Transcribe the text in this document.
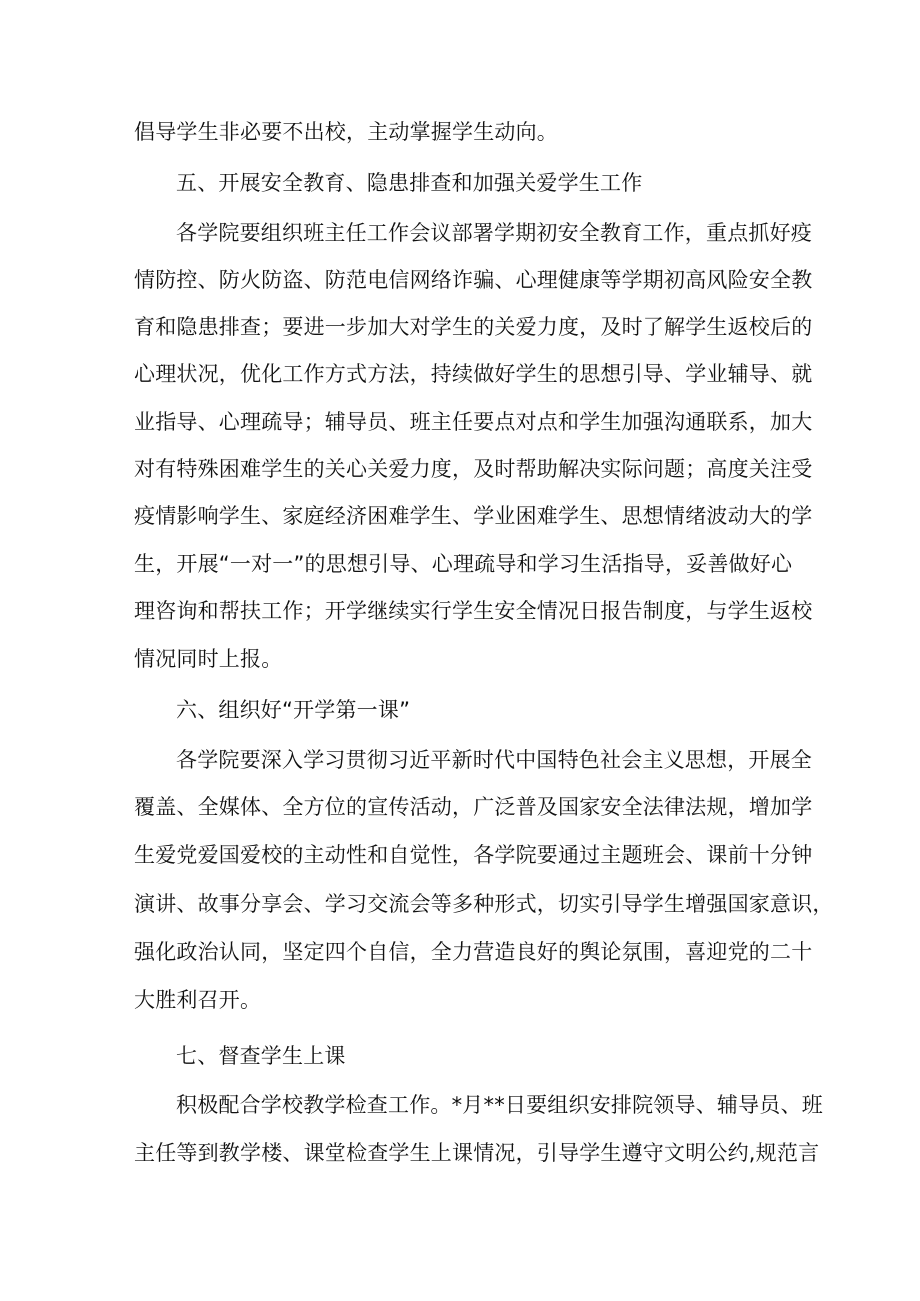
倡导学生非必要不出校，主动掌握学生动向。
五、开展安全教育、隐患排查和加强关爱学生工作
各学院要组织班主任工作会议部署学期初安全教育工作，重点抓好疫
情防控、防火防盗、防范电信网络诈骗、心理健康等学期初高风险安全教
育和隐患排查；要进一步加大对学生的关爱力度，及时了解学生返校后的
心理状况，优化工作方式方法，持续做好学生的思想引导、学业辅导、就
业指导、心理疏导；辅导员、班主任要点对点和学生加强沟通联系，加大
对有特殊困难学生的关心关爱力度，及时帮助解决实际问题；高度关注受
疫情影响学生、家庭经济困难学生、学业困难学生、思想情绪波动大的学
生，开展“一对一”的思想引导、心理疏导和学习生活指导，妥善做好心
理咨询和帮扶工作；开学继续实行学生安全情况日报告制度，与学生返校
情况同时上报。
六、组织好“开学第一课”
各学院要深入学习贯彻习近平新时代中国特色社会主义思想，开展全
覆盖、全媒体、全方位的宣传活动，广泛普及国家安全法律法规，增加学
生爱党爱国爱校的主动性和自觉性，各学院要通过主题班会、课前十分钟
演讲、故事分享会、学习交流会等多种形式，切实引导学生增强国家意识，
强化政治认同，坚定四个自信，全力营造良好的舆论氛围，喜迎党的二十
大胜利召开。
七、督查学生上课
积极配合学校教学检查工作。*月**日要组织安排院领导、辅导员、班
主任等到教学楼、课堂检查学生上课情况，引导学生遵守文明公约,规范言
